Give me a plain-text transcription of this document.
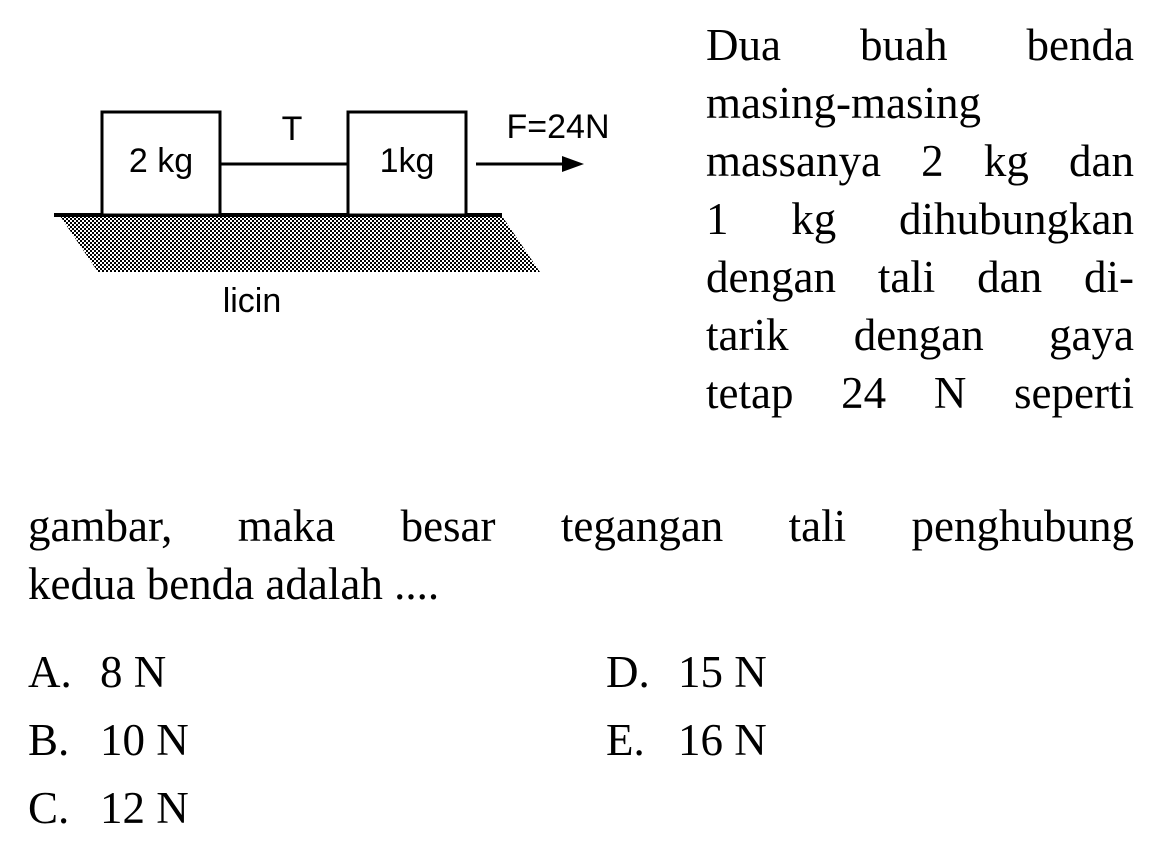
2 kg	1kg
T	F=24N
licin
Dua buah benda
masing-masing
massanya 2 kg dan
1 kg dihubungkan
dengan tali dan di-
tarik dengan gaya
tetap 24 N seperti
gambar, maka besar tegangan tali penghubung
kedua benda adalah ....
A. 8 N
B. 10 N
C. 12 N
D. 15 N
E. 16 N
